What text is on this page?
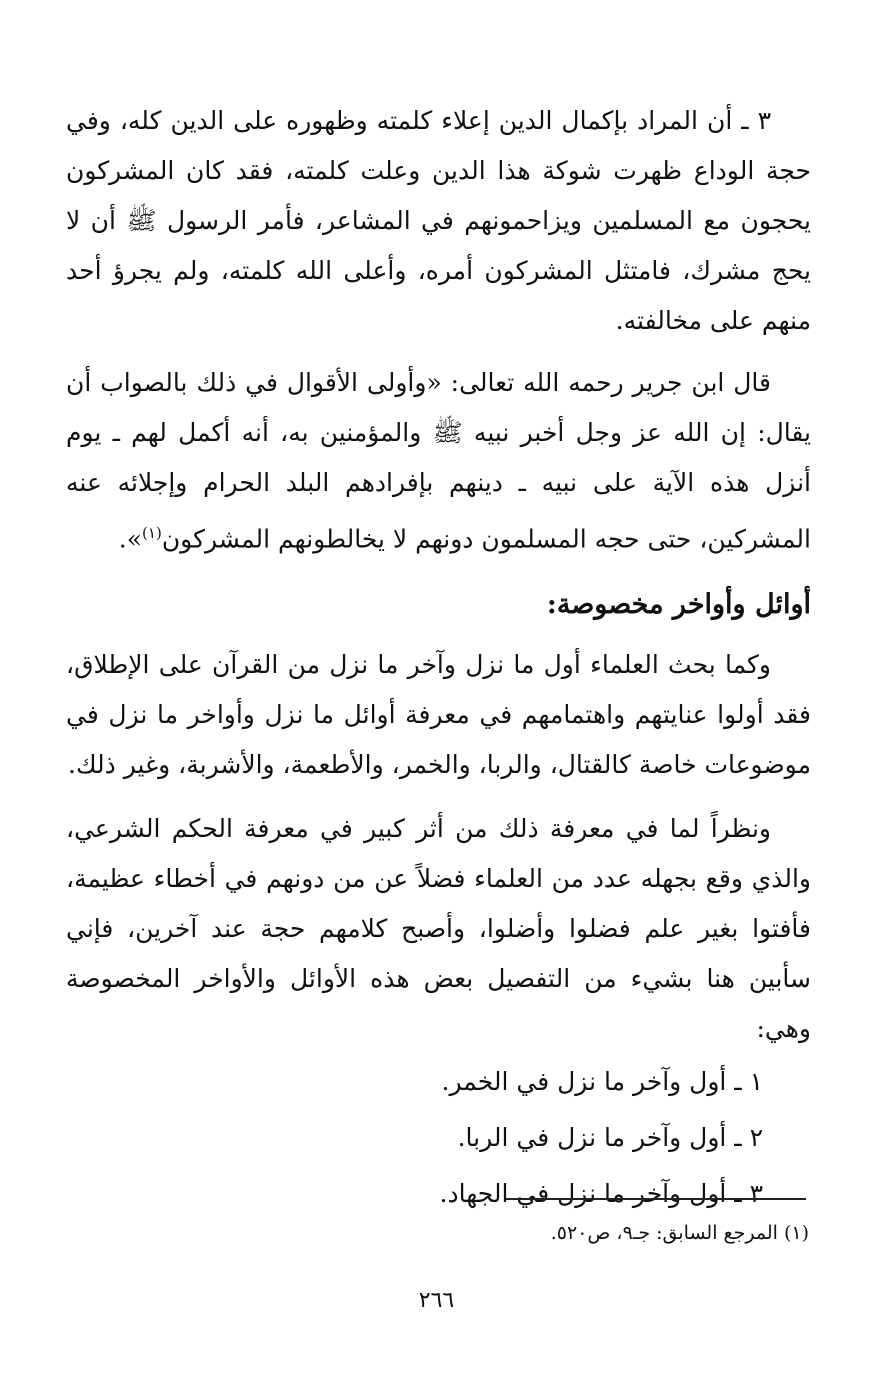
٣ ـ أن المراد بإكمال الدين إعلاء كلمته وظهوره على الدين كله، وفي حجة الوداع ظهرت شوكة هذا الدين وعلت كلمته، فقد كان المشركون يحجون مع المسلمين ويزاحمونهم في المشاعر، فأمر الرسول ﷺ أن لا يحج مشرك، فامتثل المشركون أمره، وأعلى الله كلمته، ولم يجرؤ أحد منهم على مخالفته.

قال ابن جرير رحمه الله تعالى: «وأولى الأقوال في ذلك بالصواب أن يقال: إن الله عز وجل أخبر نبيه ﷺ والمؤمنين به، أنه أكمل لهم ـ يوم أنزل هذه الآية على نبيه ـ دينهم بإفرادهم البلد الحرام وإجلائه عنه المشركين، حتى حجه المسلمون دونهم لا يخالطونهم المشركون$^{(١)}$».

أوائل وأواخر مخصوصة:

وكما بحث العلماء أول ما نزل وآخر ما نزل من القرآن على الإطلاق، فقد أولوا عنايتهم واهتمامهم في معرفة أوائل ما نزل وأواخر ما نزل في موضوعات خاصة كالقتال، والربا، والخمر، والأطعمة، والأشربة، وغير ذلك.

ونظراً لما في معرفة ذلك من أثر كبير في معرفة الحكم الشرعي، والذي وقع بجهله عدد من العلماء فضلاً عن من دونهم في أخطاء عظيمة، فأفتوا بغير علم فضلوا وأضلوا، وأصبح كلامهم حجة عند آخرين، فإني سأبين هنا بشيء من التفصيل بعض هذه الأوائل والأواخر المخصوصة وهي:

١ ـ أول وآخر ما نزل في الخمر.
٢ ـ أول وآخر ما نزل في الربا.
٣ ـ أول وآخر ما نزل في الجهاد.
(١) المرجع السابق: جـ٩، ص٥٢٠.
٢٦٦
